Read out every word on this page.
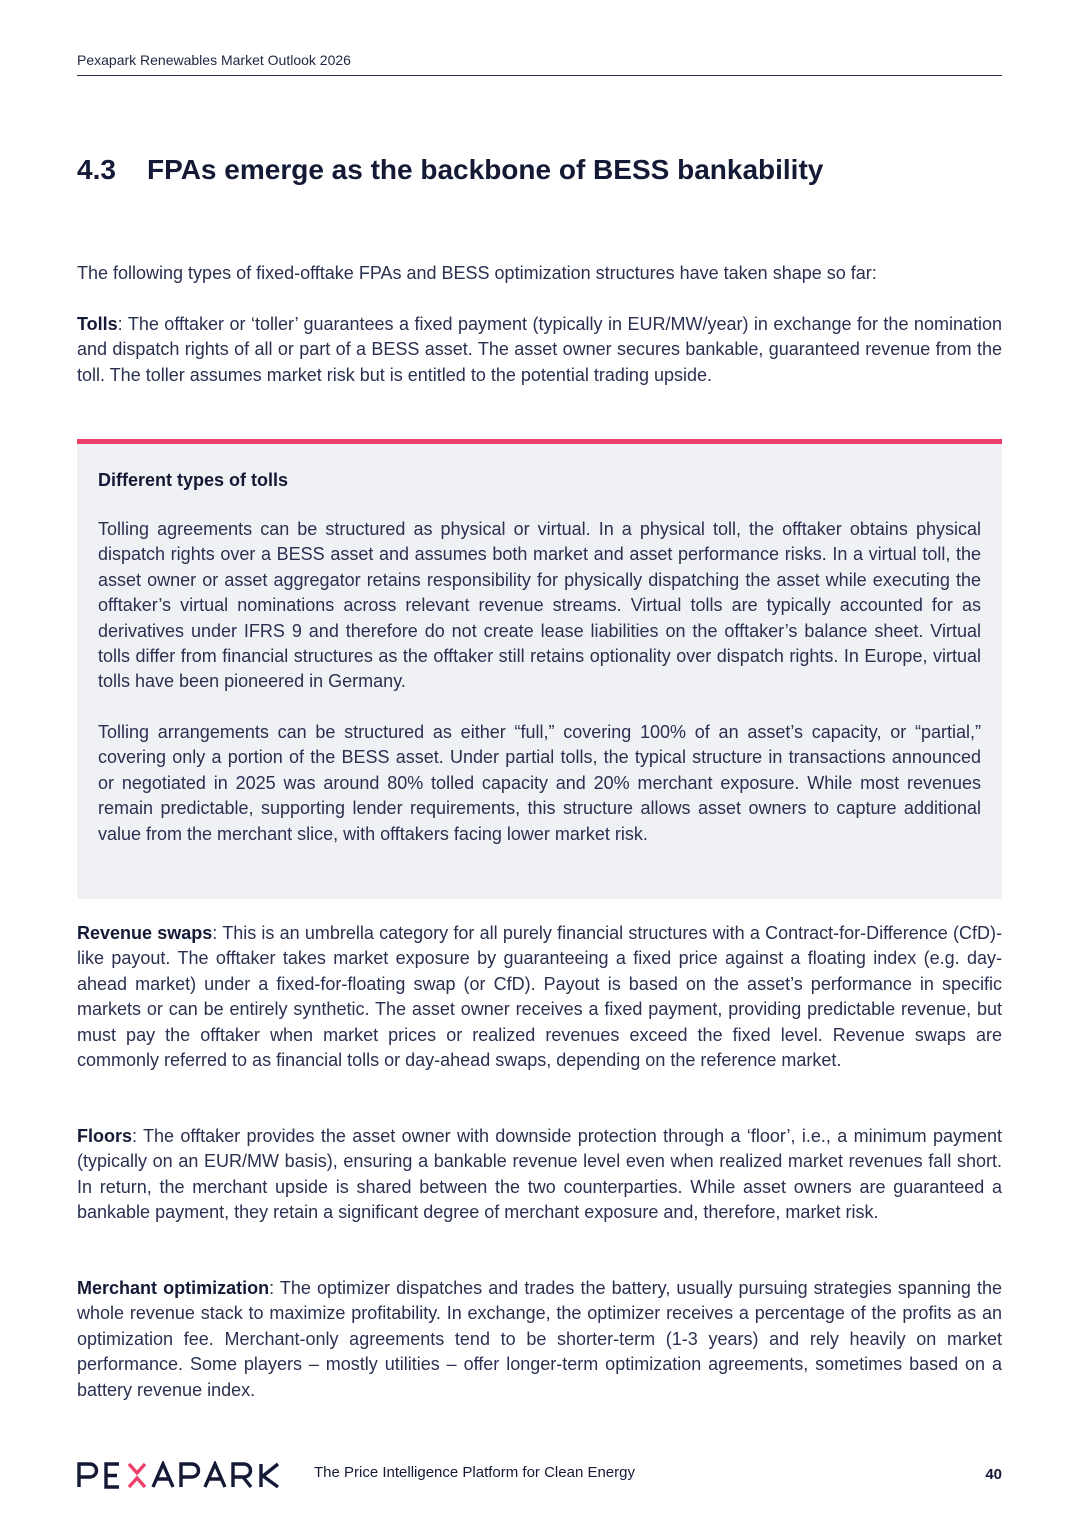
Pexapark Renewables Market Outlook 2026
4.3 FPAs emerge as the backbone of BESS bankability

The following types of fixed-offtake FPAs and BESS optimization structures have taken shape so far:

Tolls: The offtaker or ‘toller’ guarantees a fixed payment (typically in EUR/MW/year) in exchange for the nomination and dispatch rights of all or part of a BESS asset. The asset owner secures bankable, guaranteed revenue from the toll. The toller assumes market risk but is entitled to the potential trading upside.

Different types of tolls

Tolling agreements can be structured as physical or virtual. In a physical toll, the offtaker obtains physical dispatch rights over a BESS asset and assumes both market and asset performance risks. In a virtual toll, the asset owner or asset aggregator retains responsibility for physically dispatching the asset while executing the offtaker’s virtual nominations across relevant revenue streams. Virtual tolls are typically accounted for as derivatives under IFRS 9 and therefore do not create lease liabilities on the offtaker’s balance sheet. Virtual tolls differ from financial structures as the offtaker still retains optionality over dispatch rights. In Europe, virtual tolls have been pioneered in Germany.

Tolling arrangements can be structured as either “full,” covering 100% of an asset’s capacity, or “partial,” covering only a portion of the BESS asset. Under partial tolls, the typical structure in transactions announced or negotiated in 2025 was around 80% tolled capacity and 20% merchant exposure. While most revenues remain predictable, supporting lender requirements, this structure allows asset owners to capture additional value from the merchant slice, with offtakers facing lower market risk.

Revenue swaps: This is an umbrella category for all purely financial structures with a Contract-for-Difference (CfD)-like payout. The offtaker takes market exposure by guaranteeing a fixed price against a floating index (e.g. day-ahead market) under a fixed-for-floating swap (or CfD). Payout is based on the asset’s performance in specific markets or can be entirely synthetic. The asset owner receives a fixed payment, providing predictable revenue, but must pay the offtaker when market prices or realized revenues exceed the fixed level. Revenue swaps are commonly referred to as financial tolls or day-ahead swaps, depending on the reference market.

Floors: The offtaker provides the asset owner with downside protection through a ‘floor’, i.e., a minimum payment (typically on an EUR/MW basis), ensuring a bankable revenue level even when realized market revenues fall short. In return, the merchant upside is shared between the two counterparties. While asset owners are guaranteed a bankable payment, they retain a significant degree of merchant exposure and, therefore, market risk.

Merchant optimization: The optimizer dispatches and trades the battery, usually pursuing strategies spanning the whole revenue stack to maximize profitability. In exchange, the optimizer receives a percentage of the profits as an optimization fee. Merchant-only agreements tend to be shorter-term (1-3 years) and rely heavily on market performance. Some players – mostly utilities – offer longer-term optimization agreements, sometimes based on a battery revenue index.

The Price Intelligence Platform for Clean Energy	40
